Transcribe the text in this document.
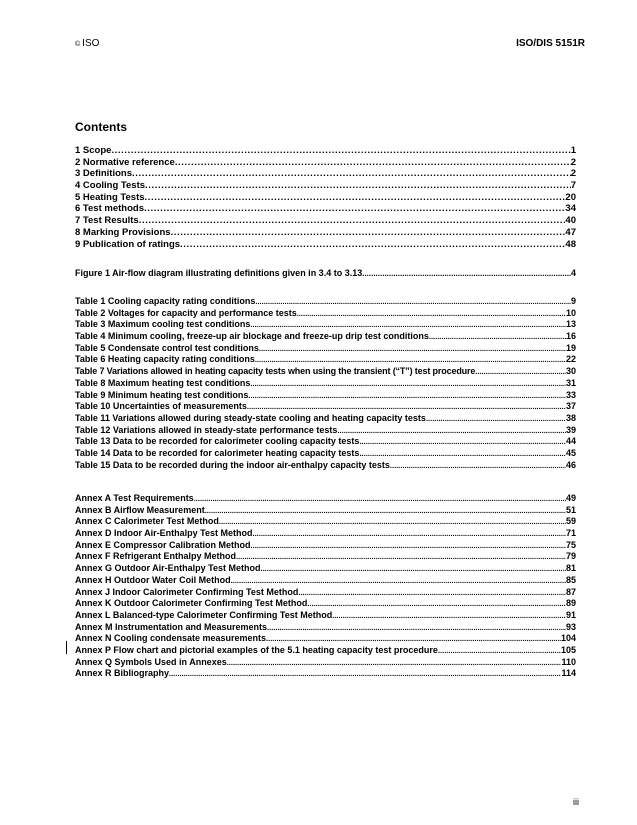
© ISO	ISO/DIS 5151R
Contents
1 Scope .....	1
2 Normative reference .....	2
3 Definitions .....	2
4 Cooling Tests .....	7
5 Heating Tests .....	20
6 Test methods .....	34
7 Test Results .....	40
8 Marking Provisions .....	47
9 Publication of ratings .....	48
Figure 1 Air-flow diagram illustrating definitions given in 3.4 to 3.13 .....	4
Table 1 Cooling capacity rating conditions .....	9
Table 2 Voltages for capacity and performance tests .....	10
Table 3 Maximum cooling test conditions .....	13
Table 4 Minimum cooling, freeze-up air blockage and freeze-up drip test conditions .....	16
Table 5 Condensate control test conditions .....	19
Table 6 Heating capacity rating conditions .....	22
Table 7 Variations allowed in heating capacity tests when using the transient (“T”) test procedure .....	30
Table 8 Maximum heating test conditions .....	31
Table 9 Minimum heating test conditions .....	33
Table 10 Uncertainties of measurements .....	37
Table 11 Variations allowed during steady-state cooling and heating capacity tests .....	38
Table 12 Variations allowed in steady-state performance tests .....	39
Table 13 Data to be recorded for calorimeter cooling capacity tests .....	44
Table 14 Data to be recorded for calorimeter heating capacity tests .....	45
Table 15 Data to be recorded during the indoor air-enthalpy capacity tests .....	46
Annex A Test Requirements .....	49
Annex B Airflow Measurement .....	51
Annex C Calorimeter Test Method .....	59
Annex D Indoor Air-Enthalpy Test Method .....	71
Annex E Compressor Calibration Method .....	75
Annex F Refrigerant Enthalpy Method .....	79
Annex G Outdoor Air-Enthalpy Test Method .....	81
Annex H Outdoor Water Coil Method .....	85
Annex J Indoor Calorimeter Confirming Test Method .....	87
Annex K Outdoor Calorimeter Confirming Test Method .....	89
Annex L Balanced-type Calorimeter Confirming Test Method .....	91
Annex M Instrumentation and Measurements .....	93
Annex N Cooling condensate measurements .....	104
Annex P Flow chart and pictorial examples of the 5.1 heating capacity test procedure .....	105
Annex Q Symbols Used in Annexes .....	110
Annex R Bibliography .....	114
iii
